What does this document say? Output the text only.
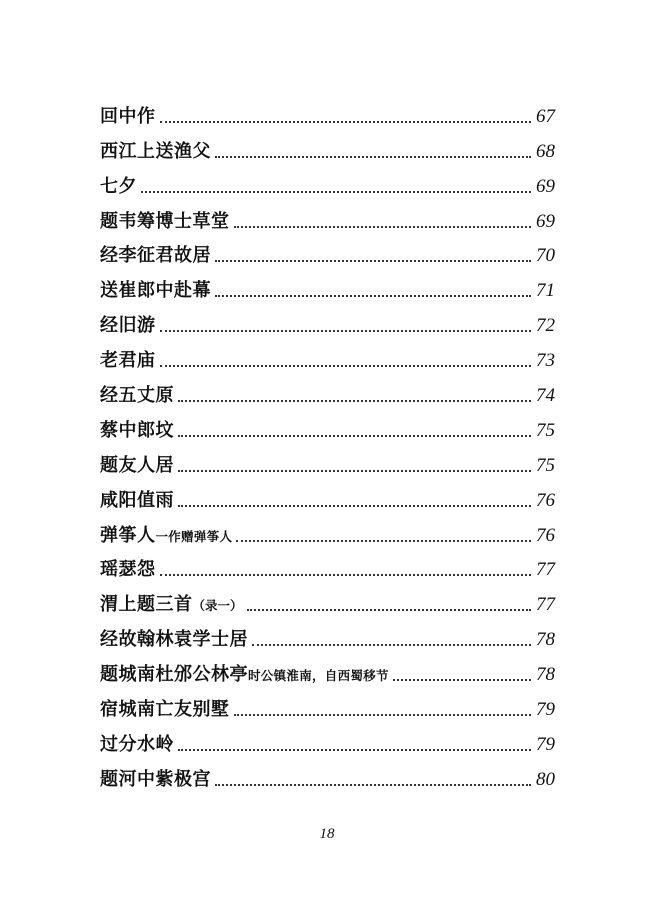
回中作	67
西江上送渔父	68
七夕	69
题韦筹博士草堂	69
经李征君故居	70
送崔郎中赴幕	71
经旧游	72
老君庙	73
经五丈原	74
蔡中郎坟	75
题友人居	75
咸阳值雨	76
弹筝人一作赠弹筝人	76
瑶瑟怨	77
渭上题三首（录一）	77
经故翰林袁学士居	78
题城南杜邠公林亭时公镇淮南，自西蜀移节	78
宿城南亡友别墅	79
过分水岭	79
题河中紫极宫	80
18
